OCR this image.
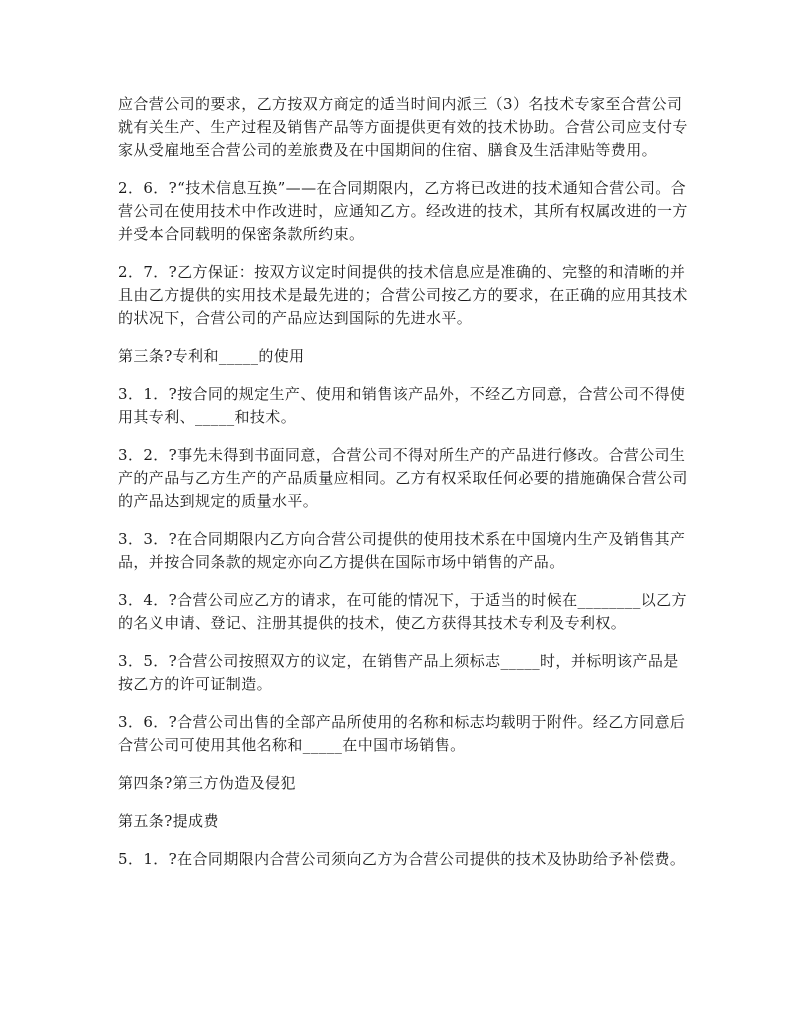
应合营公司的要求，乙方按双方商定的适当时间内派三（3）名技术专家至合营公司就有关生产、生产过程及销售产品等方面提供更有效的技术协助。合营公司应支付专家从受雇地至合营公司的差旅费及在中国期间的住宿、膳食及生活津贴等费用。

2．6．?“技术信息互换”——在合同期限内，乙方将已改进的技术通知合营公司。合营公司在使用技术中作改进时，应通知乙方。经改进的技术，其所有权属改进的一方并受本合同载明的保密条款所约束。

2．7．?乙方保证：按双方议定时间提供的技术信息应是准确的、完整的和清晰的并且由乙方提供的实用技术是最先进的；合营公司按乙方的要求，在正确的应用其技术的状况下，合营公司的产品应达到国际的先进水平。

第三条?专利和_____的使用

3．1．?按合同的规定生产、使用和销售该产品外，不经乙方同意，合营公司不得使用其专利、_____和技术。

3．2．?事先未得到书面同意，合营公司不得对所生产的产品进行修改。合营公司生产的产品与乙方生产的产品质量应相同。乙方有权采取任何必要的措施确保合营公司的产品达到规定的质量水平。

3．3．?在合同期限内乙方向合营公司提供的使用技术系在中国境内生产及销售其产品，并按合同条款的规定亦向乙方提供在国际市场中销售的产品。

3．4．?合营公司应乙方的请求，在可能的情况下，于适当的时候在________以乙方的名义申请、登记、注册其提供的技术，使乙方获得其技术专利及专利权。

3．5．?合营公司按照双方的议定，在销售产品上须标志_____时，并标明该产品是按乙方的许可证制造。

3．6．?合营公司出售的全部产品所使用的名称和标志均载明于附件。经乙方同意后合营公司可使用其他名称和_____在中国市场销售。

第四条?第三方伪造及侵犯

第五条?提成费

5．1．?在合同期限内合营公司须向乙方为合营公司提供的技术及协助给予补偿费。
